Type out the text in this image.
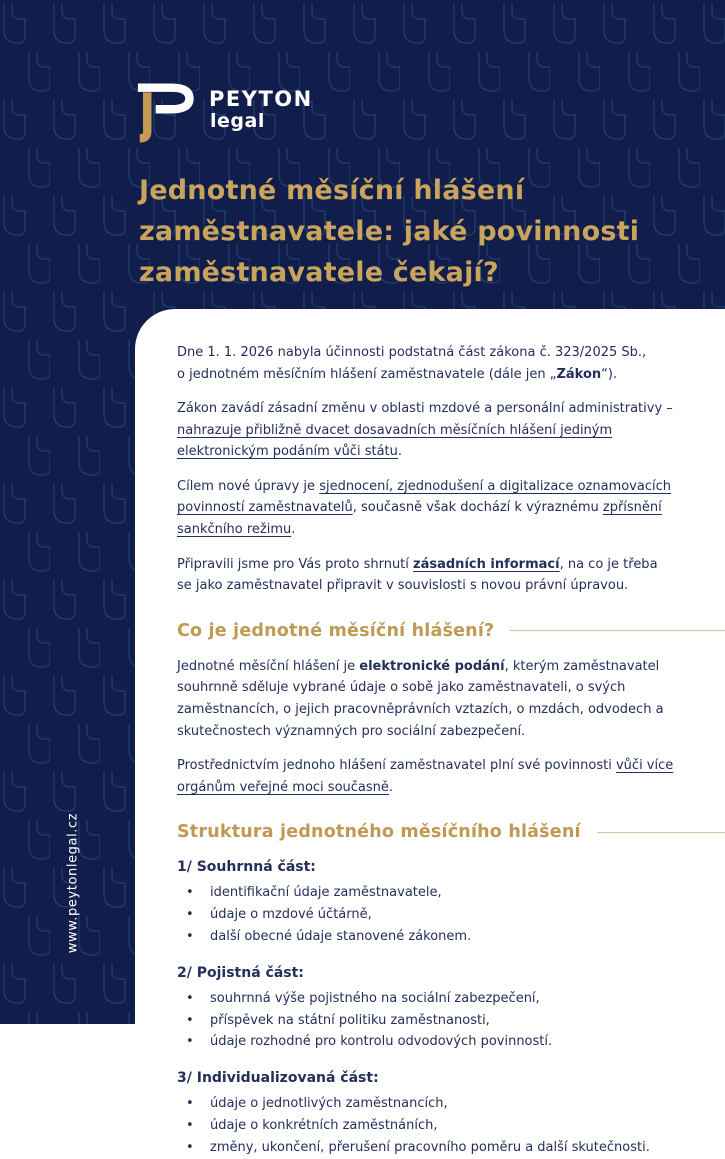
PEYTON
legal
Jednotné měsíční hlášení
zaměstnavatele: jaké povinnosti
zaměstnavatele čekají?
www.peytonlegal.cz

Dne 1. 1. 2026 nabyla účinnosti podstatná část zákona č. 323/2025 Sb.,
o jednotném měsíčním hlášení zaměstnavatele (dále jen „Zákon“).

Zákon zavádí zásadní změnu v oblasti mzdové a personální administrativy – nahrazuje přibližně dvacet dosavadních měsíčních hlášení jediným elektronickým podáním vůči státu.

Cílem nové úpravy je sjednocení, zjednodušení a digitalizace oznamovacích povinností zaměstnavatelů, současně však dochází k výraznému zpřísnění sankčního režimu.

Připravili jsme pro Vás proto shrnutí zásadních informací, na co je třeba
se jako zaměstnavatel připravit v souvislosti s novou právní úpravou.

Co je jednotné měsíční hlášení?

Jednotné měsíční hlášení je elektronické podání, kterým zaměstnavatel souhrnně sděluje vybrané údaje o sobě jako zaměstnavateli, o svých zaměstnancích, o jejich pracovněprávních vztazích, o mzdách, odvodech a skutečnostech významných pro sociální zabezpečení.

Prostřednictvím jednoho hlášení zaměstnavatel plní své povinnosti vůči více orgánům veřejné moci současně.

Struktura jednotného měsíčního hlášení
1/ Souhrnná část:
• identifikační údaje zaměstnavatele,
• údaje o mzdové účtárně,
• další obecné údaje stanovené zákonem.
2/ Pojistná část:
• souhrnná výše pojistného na sociální zabezpečení,
• příspěvek na státní politiku zaměstnanosti,
• údaje rozhodné pro kontrolu odvodových povinností.
3/ Individualizovaná část:
• údaje o jednotlivých zaměstnancích,
• údaje o konkrétních zaměstnáních,
• změny, ukončení, přerušení pracovního poměru a další skutečnosti.
